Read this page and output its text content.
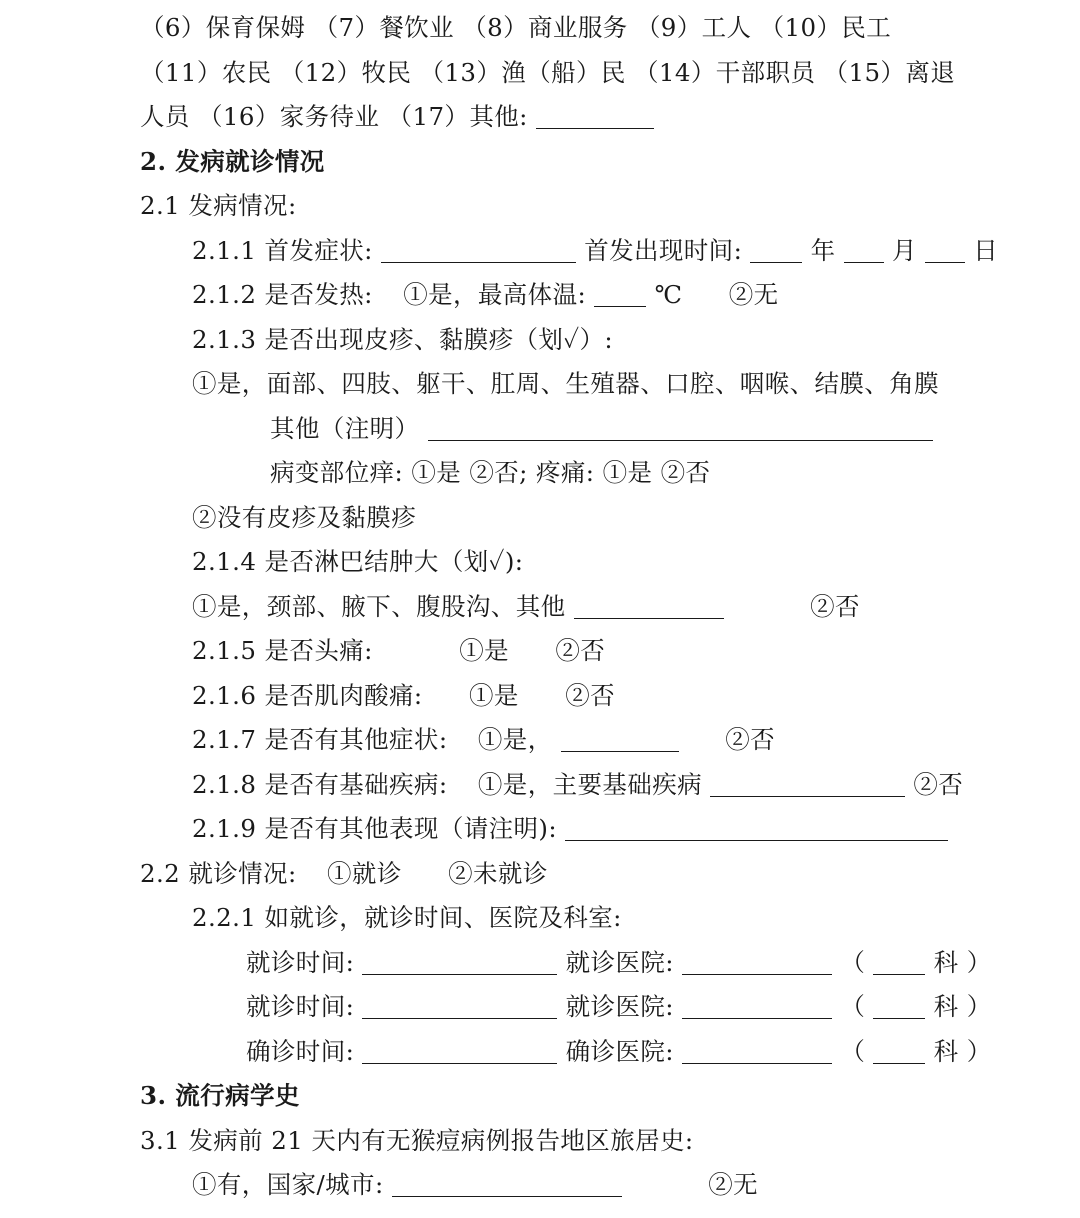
（6）保育保姆 （7）餐饮业 （8）商业服务 （9）工人 （10）民工
（11）农民 （12）牧民 （13）渔（船）民 （14）干部职员 （15）离退
人员 （16）家务待业 （17）其他:
2. 发病就诊情况
2.1 发病情况:
2.1.1 首发症状:	首发出现时间:	年 月 日
2.1.2 是否发热: ①是，最高体温:	℃ ②无
2.1.3 是否出现皮疹、黏膜疹（划✓）:
①是，面部、四肢、躯干、肛周、生殖器、口腔、咽喉、结膜、角膜
其他（注明）
病变部位痒: ①是 ②否; 疼痛: ①是 ②否
②没有皮疹及黏膜疹
2.1.4 是否淋巴结肿大（划✓):
①是，颈部、腋下、腹股沟、其他	②否
2.1.5 是否头痛:	①是 ②否
2.1.6 是否肌肉酸痛: ①是 ②否
2.1.7 是否有其他症状: ①是，	②否
2.1.8 是否有基础疾病: ①是，主要基础疾病	②否
2.1.9 是否有其他表现（请注明):
2.2 就诊情况: ①就诊 ②未就诊
2.2.1 如就诊，就诊时间、医院及科室:
就诊时间:	就诊医院:	（	科 ）
就诊时间:	就诊医院:	（	科 ）
确诊时间:	确诊医院:	（	科 ）
3. 流行病学史
3.1 发病前 21 天内有无猴痘病例报告地区旅居史:
①有，国家/城市:	②无
